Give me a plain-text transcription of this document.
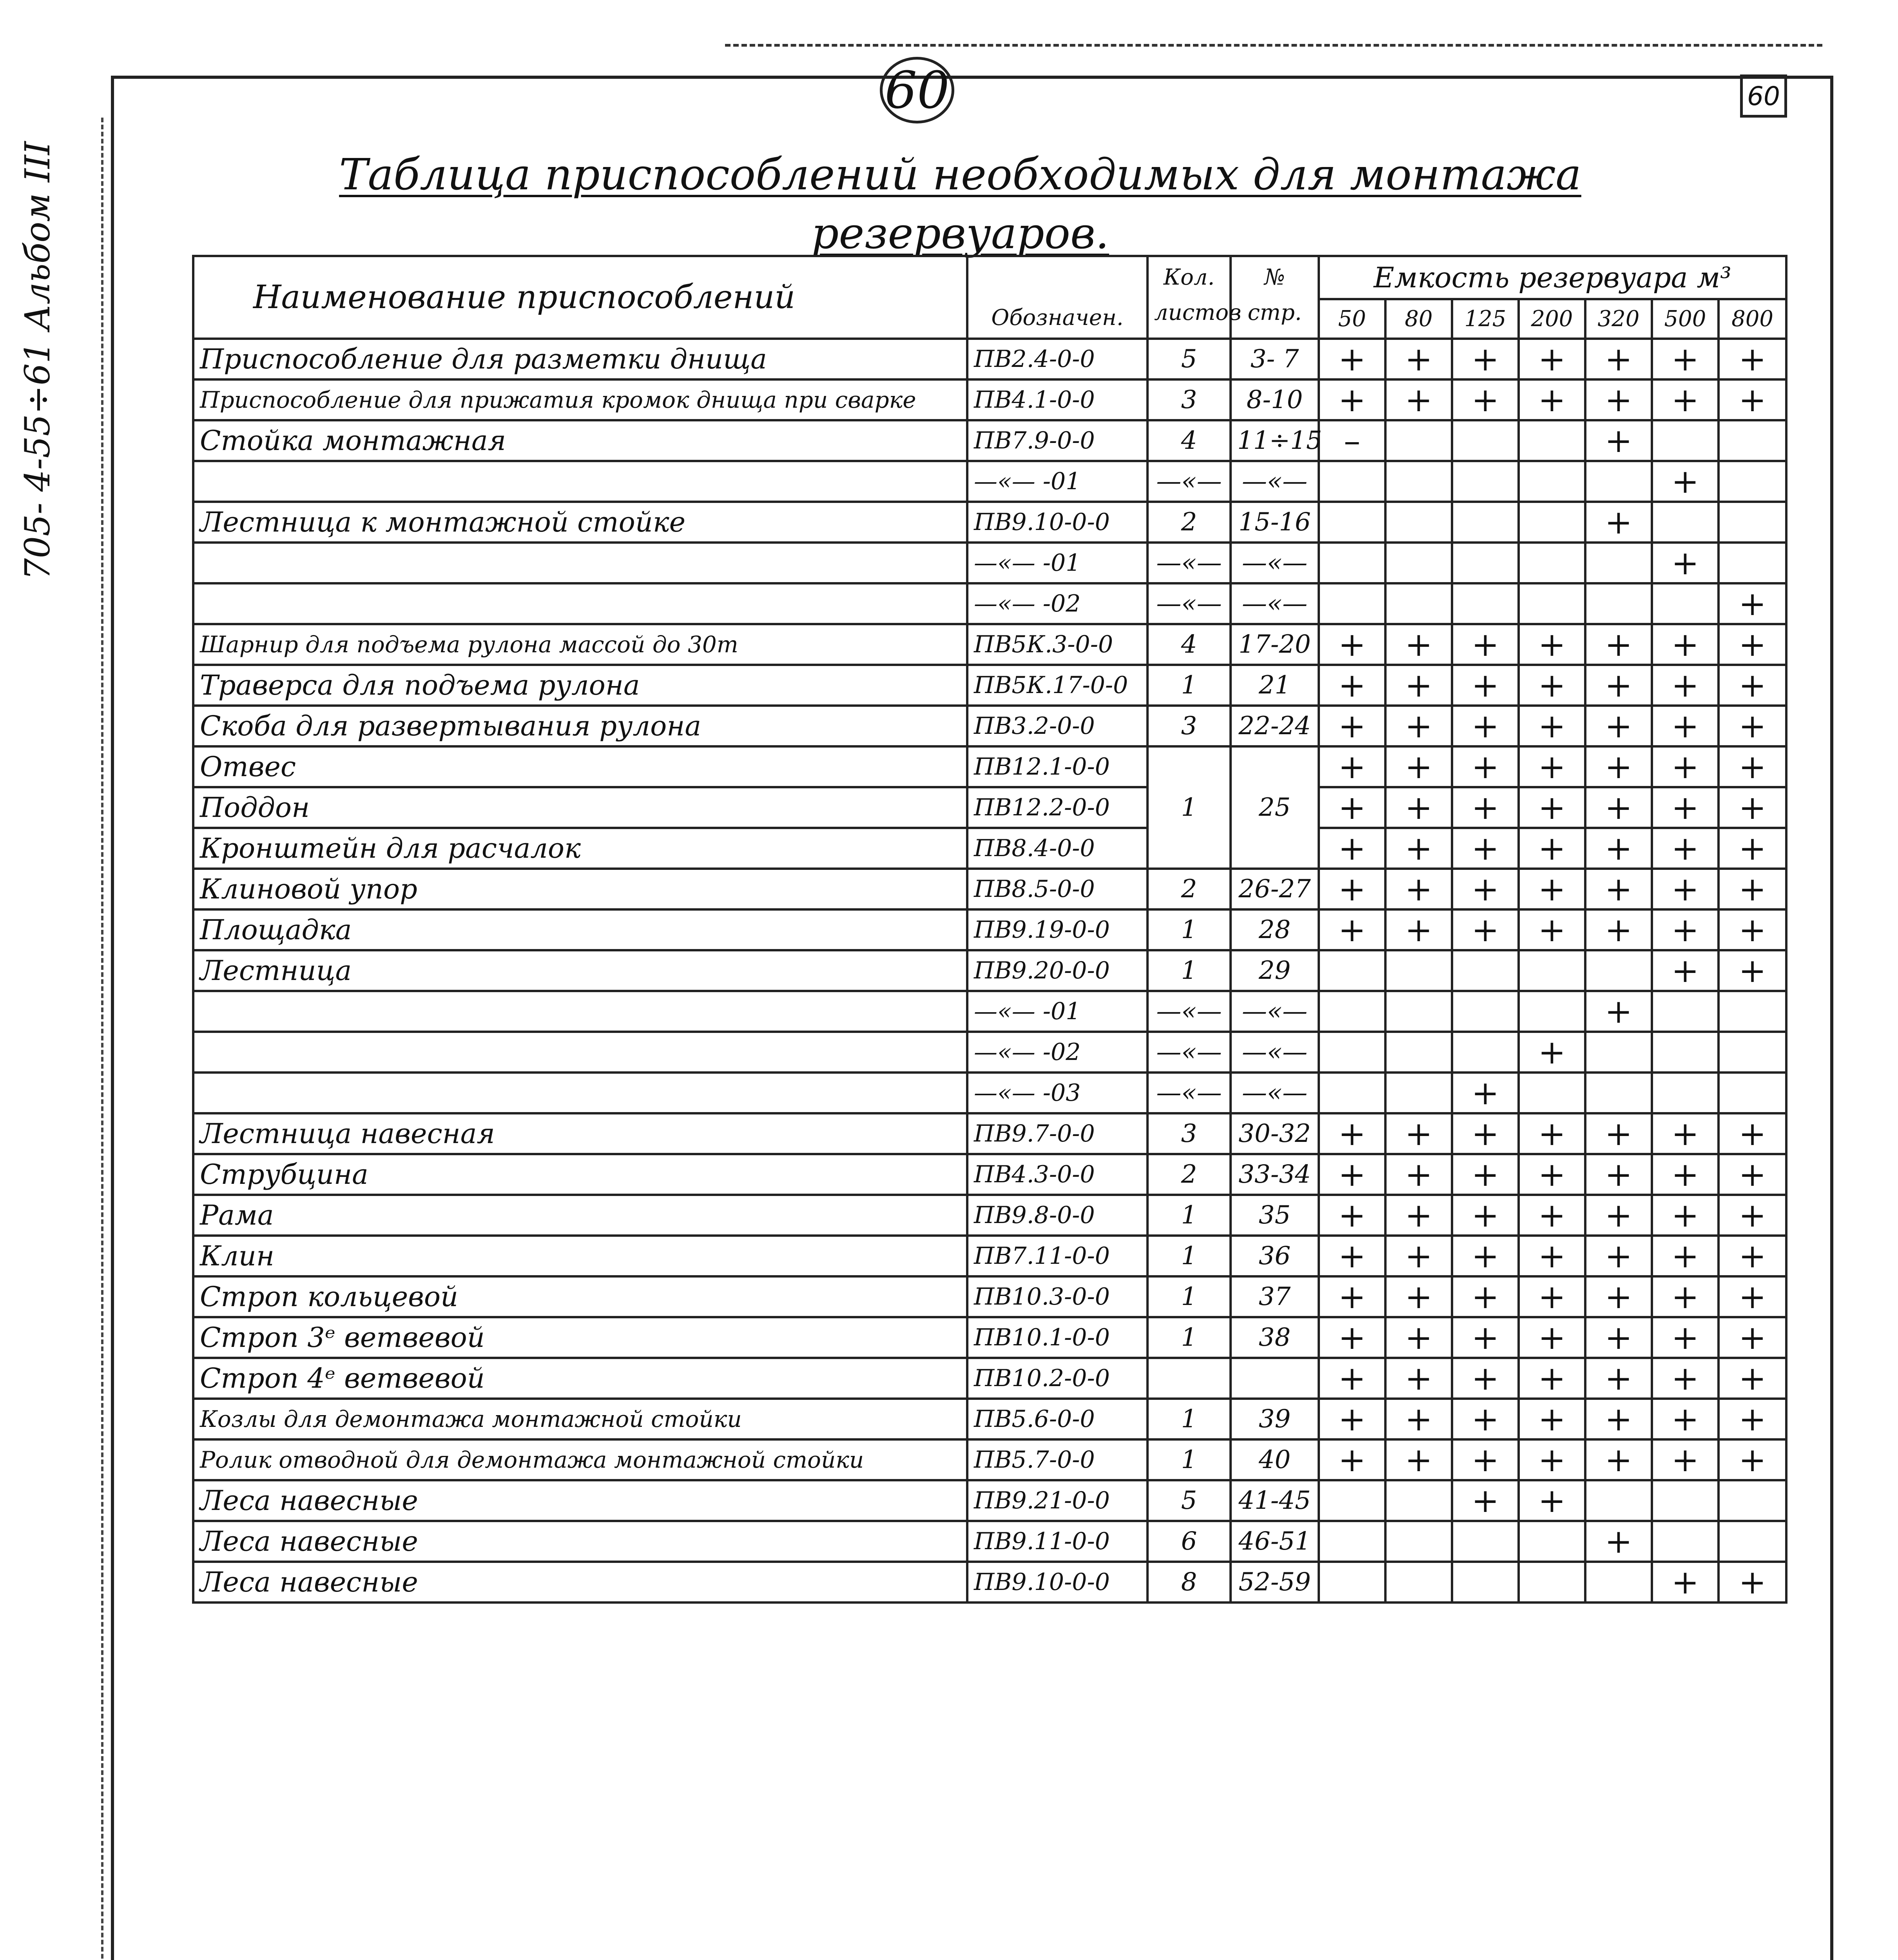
705- 4-55÷61 Альбом III
60	60
Таблица приспособлений необходимых для монтажа
резервуаров.
Наименование приспособлений	Обозначен.	Кол. листов	№ стр.	Емкость резервуара м³						
				50	80	125	200	320	500	800
Приспособление для разметки днища	ПВ2.4-0-0	5	3- 7	+	+	+	+	+	+	+
Приспособление для прижатия кромок днища при сварке	ПВ4.1-0-0	3	8-10	+	+	+	+	+	+	+
Стойка монтажная	ПВ7.9-0-0	4	11÷15	–				+		
	—«— -01	—«—	—«—						+	
Лестница к монтажной стойке	ПВ9.10-0-0	2	15-16					+		
	—«— -01	—«—	—«—						+	
	—«— -02	—«—	—«—							+
Шарнир для подъема рулона массой до 30т	ПВ5К.3-0-0	4	17-20	+	+	+	+	+	+	+
Траверса для подъема рулона	ПВ5К.17-0-0	1	21	+	+	+	+	+	+	+
Скоба для развертывания рулона	ПВ3.2-0-0	3	22-24	+	+	+	+	+	+	+
Отвес	ПВ12.1-0-0			+	+	+	+	+	+	+
Поддон	ПВ12.2-0-0	1	25	+	+	+	+	+	+	+
Кронштейн для расчалок	ПВ8.4-0-0			+	+	+	+	+	+	+
Клиновой упор	ПВ8.5-0-0	2	26-27	+	+	+	+	+	+	+
Площадка	ПВ9.19-0-0	1	28	+	+	+	+	+	+	+
Лестница	ПВ9.20-0-0	1	29						+	+
	—«— -01	—«—	—«—					+		
	—«— -02	—«—	—«—				+			
	—«— -03	—«—	—«—			+				
Лестница навесная	ПВ9.7-0-0	3	30-32	+	+	+	+	+	+	+
Струбцина	ПВ4.3-0-0	2	33-34	+	+	+	+	+	+	+
Рама	ПВ9.8-0-0	1	35	+	+	+	+	+	+	+
Клин	ПВ7.11-0-0	1	36	+	+	+	+	+	+	+
Строп кольцевой	ПВ10.3-0-0	1	37	+	+	+	+	+	+	+
Строп 3ᵉ ветвевой	ПВ10.1-0-0	1	38	+	+	+	+	+	+	+
Строп 4ᵉ ветвевой	ПВ10.2-0-0			+	+	+	+	+	+	+
Козлы для демонтажа монтажной стойки	ПВ5.6-0-0	1	39	+	+	+	+	+	+	+
Ролик отводной для демонтажа монтажной стойки	ПВ5.7-0-0	1	40	+	+	+	+	+	+	+
Леса навесные	ПВ9.21-0-0	5	41-45			+	+			
Леса навесные	ПВ9.11-0-0	6	46-51					+		
Леса навесные	ПВ9.10-0-0	8	52-59						+	+
